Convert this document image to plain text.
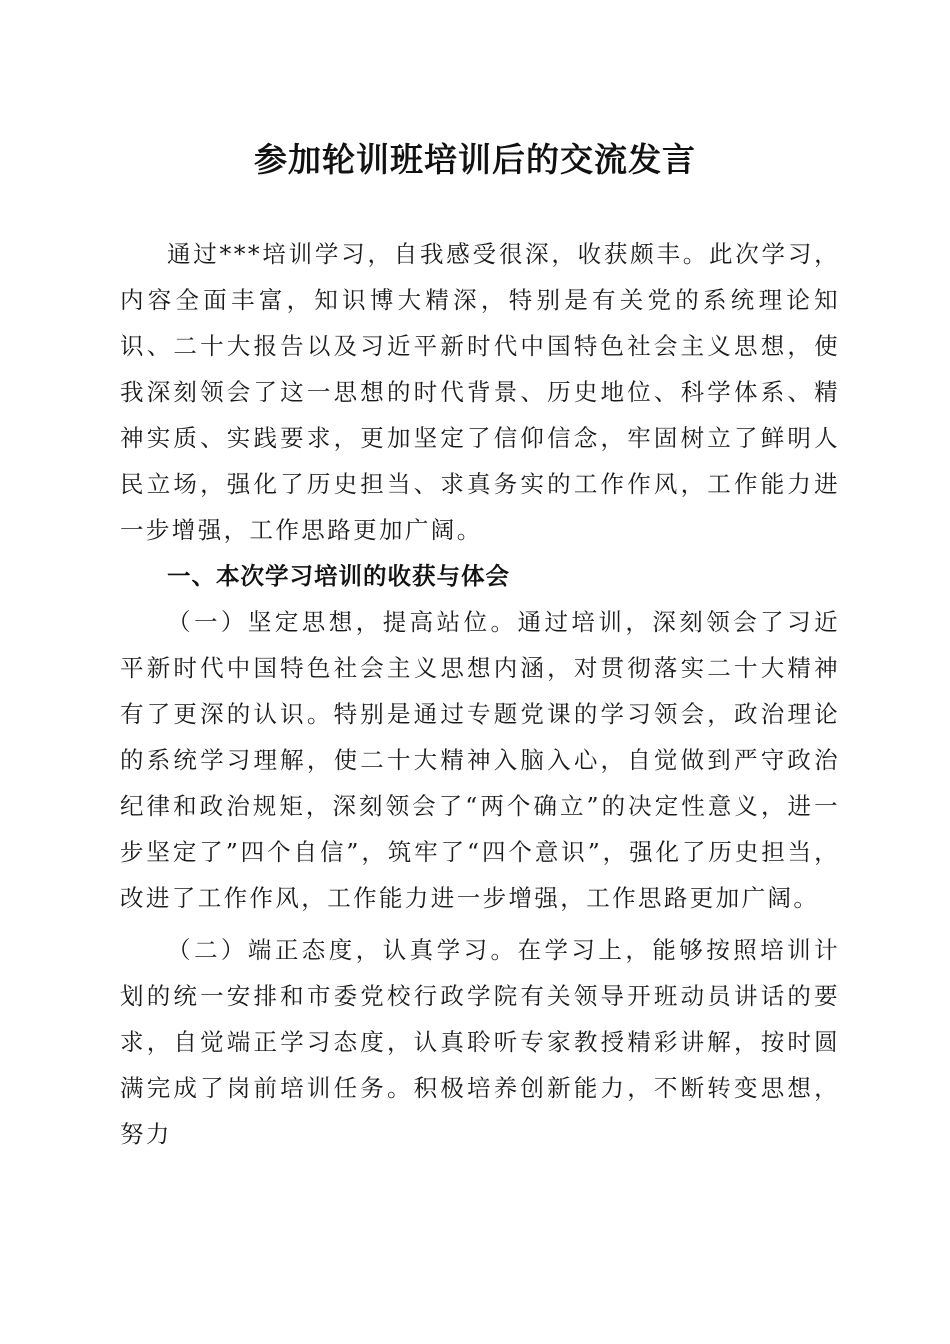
参加轮训班培训后的交流发言

通过***培训学习，自我感受很深，收获颇丰。此次学习，内容全面丰富，知识博大精深，特别是有关党的系统理论知识、二十大报告以及习近平新时代中国特色社会主义思想，使我深刻领会了这一思想的时代背景、历史地位、科学体系、精神实质、实践要求，更加坚定了信仰信念，牢固树立了鲜明人民立场，强化了历史担当、求真务实的工作作风，工作能力进一步增强，工作思路更加广阔。

一、本次学习培训的收获与体会

（一）坚定思想，提高站位。通过培训，深刻领会了习近平新时代中国特色社会主义思想内涵，对贯彻落实二十大精神有了更深的认识。特别是通过专题党课的学习领会，政治理论的系统学习理解，使二十大精神入脑入心，自觉做到严守政治纪律和政治规矩，深刻领会了“两个确立”的决定性意义，进一步坚定了”四个自信”，筑牢了“四个意识”，强化了历史担当，改进了工作作风，工作能力进一步增强，工作思路更加广阔。

（二）端正态度，认真学习。在学习上，能够按照培训计划的统一安排和市委党校行政学院有关领导开班动员讲话的要求，自觉端正学习态度，认真聆听专家教授精彩讲解，按时圆满完成了岗前培训任务。积极培养创新能力，不断转变思想，努力
